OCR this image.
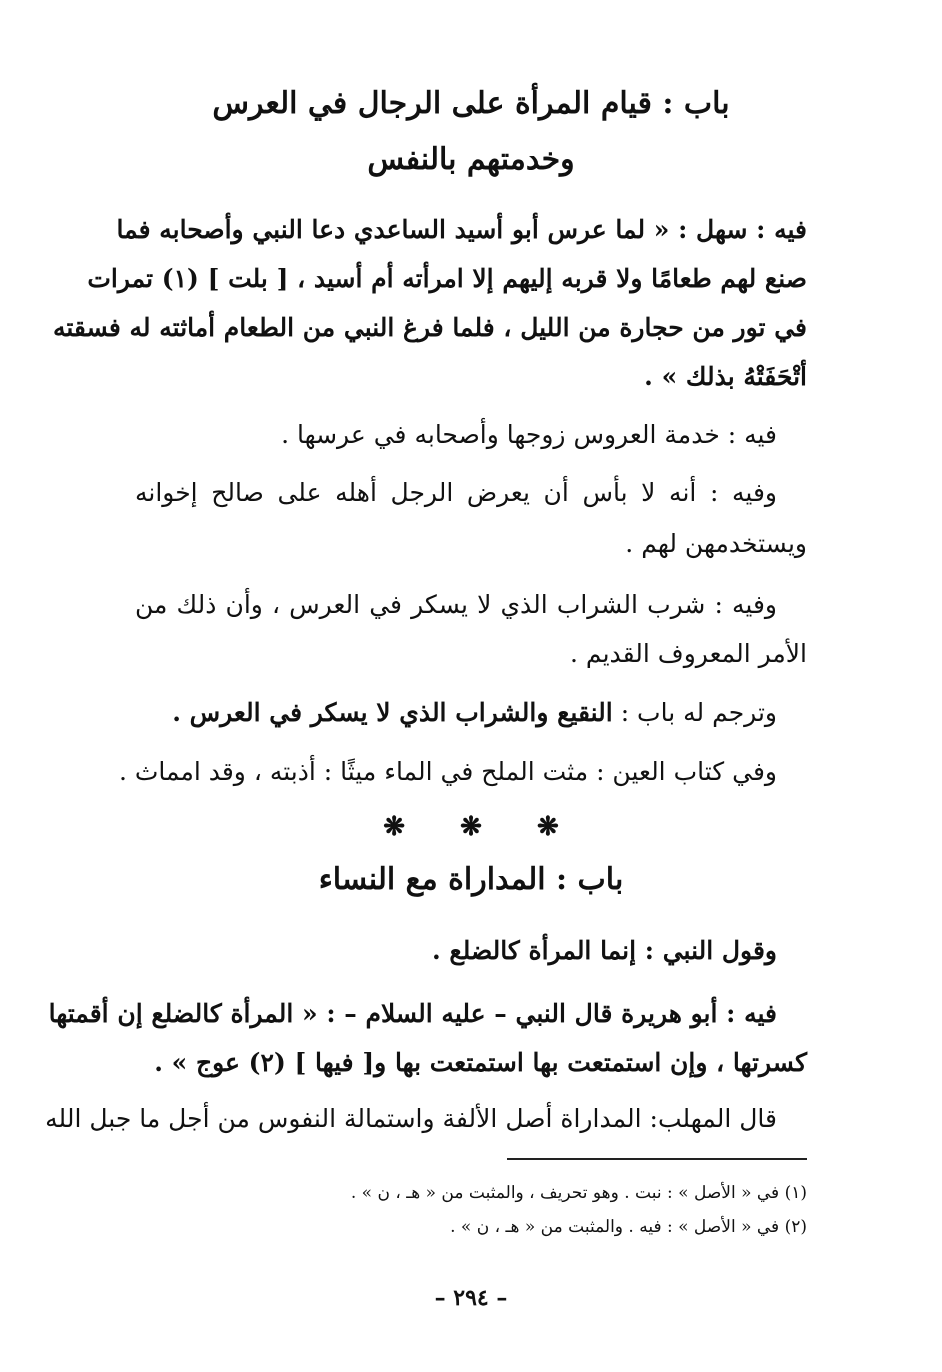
باب : قيام المرأة على الرجال في العرس
وخدمتهم بالنفس
فيه : سهل : « لما عرس أبو أسيد الساعدي دعا النبي وأصحابه فما
صنع لهم طعامًا ولا قربه إليهم إلا امرأته أم أسيد ، [ بلت ] (١) تمرات
في تور من حجارة من الليل ، فلما فرغ النبي من الطعام أماثته له فسقته
أتْحَفَتْهُ بذلك » .
فيه : خدمة العروس زوجها وأصحابه في عرسها .
وفيه : أنه لا بأس أن يعرض الرجل أهله على صالح إخوانه
ويستخدمهن لهم .
وفيه : شرب الشراب الذي لا يسكر في العرس ، وأن ذلك من
الأمر المعروف القديم .
وترجم له باب : النقيع والشراب الذي لا يسكر في العرس .
وفي كتاب العين : مثت الملح في الماء ميثًا : أذبته ، وقد امماث .
❋ ❋ ❋
باب : المداراة مع النساء
وقول النبي : إنما المرأة كالضلع .
فيه : أبو هريرة قال النبي – عليه السلام – : « المرأة كالضلع إن أقمتها
كسرتها ، وإن استمتعت بها استمتعت بها و[ فيها ] (٢) عوج » .
قال المهلب: المداراة أصل الألفة واستمالة النفوس من أجل ما جبل الله
(١) في « الأصل » : نبت . وهو تحريف ، والمثبت من « هـ ، ن » .
(٢) في « الأصل » : فيه . والمثبت من « هـ ، ن » .
– ٢٩٤ –
